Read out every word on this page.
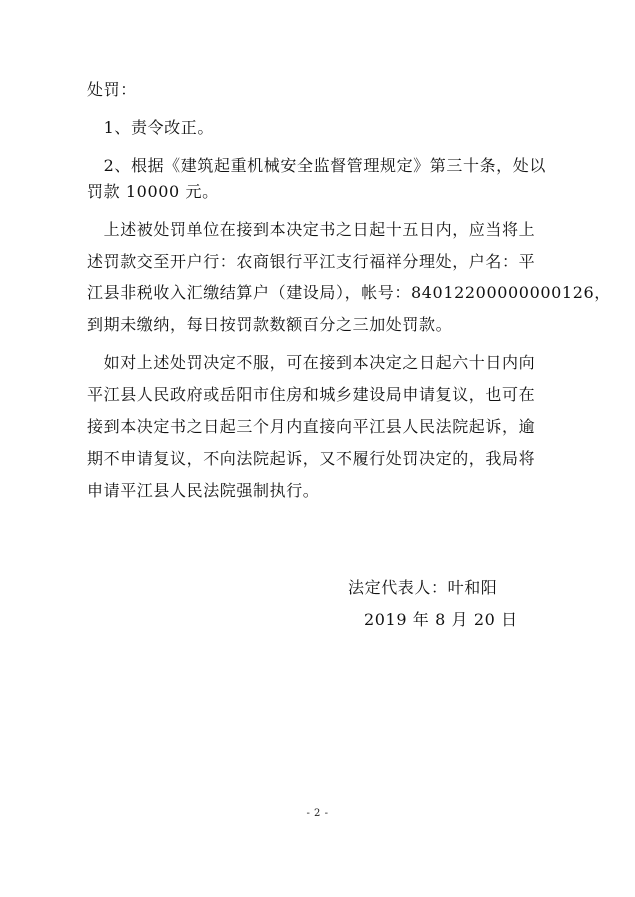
处罚：
　1、责令改正。
　2、根据《建筑起重机械安全监督管理规定》第三十条，处以
罚款 10000 元。
　上述被处罚单位在接到本决定书之日起十五日内，应当将上
述罚款交至开户行：农商银行平江支行福祥分理处，户名：平
江县非税收入汇缴结算户（建设局），帐号：84012200000000126，
到期未缴纳，每日按罚款数额百分之三加处罚款。
　如对上述处罚决定不服，可在接到本决定之日起六十日内向
平江县人民政府或岳阳市住房和城乡建设局申请复议，也可在
接到本决定书之日起三个月内直接向平江县人民法院起诉，逾
期不申请复议，不向法院起诉，又不履行处罚决定的，我局将
申请平江县人民法院强制执行。
法定代表人：叶和阳
2019 年 8 月 20 日
- 2 -
